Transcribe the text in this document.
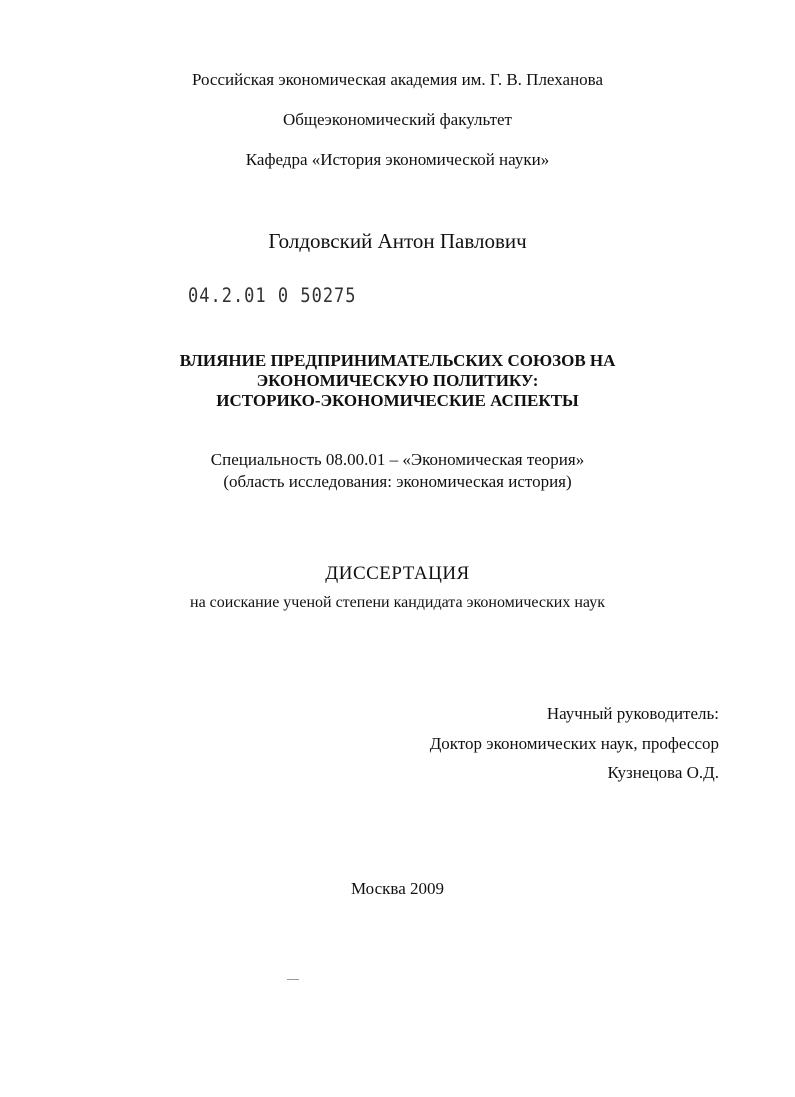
Российская экономическая академия им. Г. В. Плеханова
Общеэкономический факультет
Кафедра «История экономической науки»
Голдовский Антон Павлович
04.2.01 0 50275
ВЛИЯНИЕ ПРЕДПРИНИМАТЕЛЬСКИХ СОЮЗОВ НА
ЭКОНОМИЧЕСКУЮ ПОЛИТИКУ:
ИСТОРИКО-ЭКОНОМИЧЕСКИЕ АСПЕКТЫ
Специальность 08.00.01 – «Экономическая теория»
(область исследования: экономическая история)
ДИССЕРТАЦИЯ
на соискание ученой степени кандидата экономических наук
Научный руководитель:
Доктор экономических наук, профессор
Кузнецова О.Д.
Москва 2009
